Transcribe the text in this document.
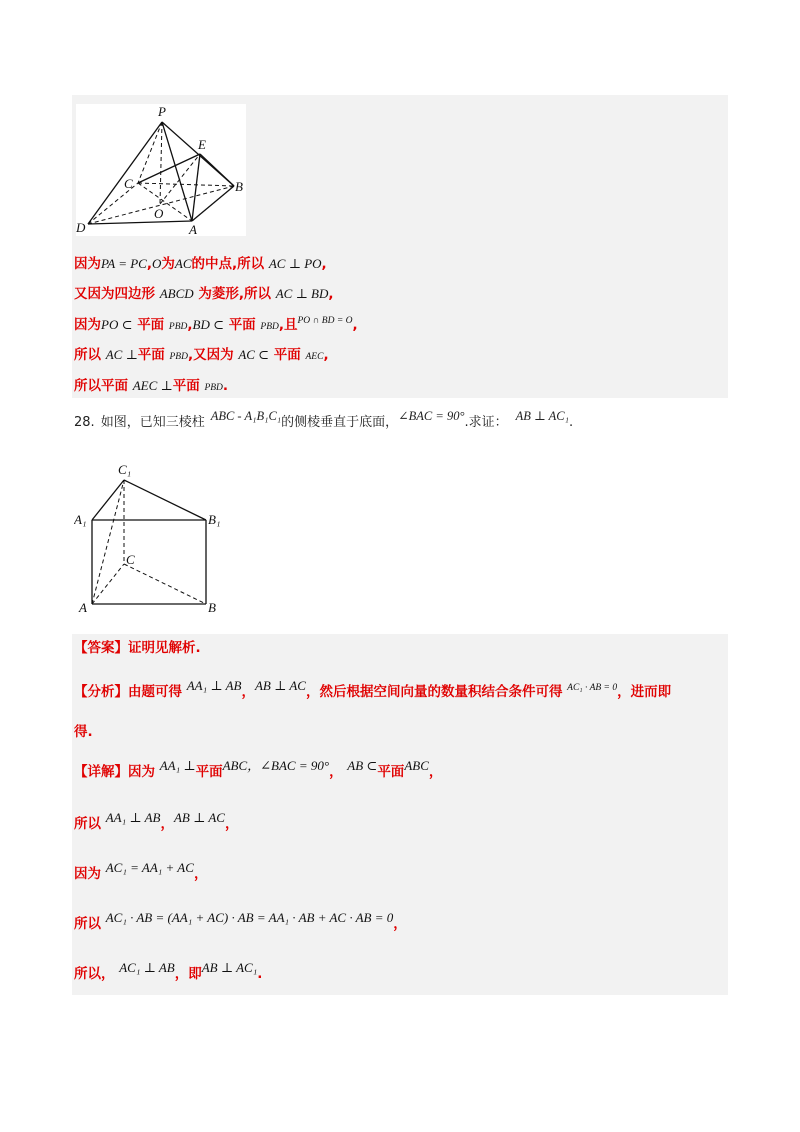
P
E
C	B
O
D	A
因为PA = PC,O为AC的中点,所以 AC ⊥ PO,
又因为四边形 ABCD 为菱形,所以 AC ⊥ BD,
因为PO ⊂ 平面 PBD,BD ⊂ 平面 PBD,且$^{PO \cap BD = O}$,
所以 AC ⊥平面 PBD,又因为 AC ⊂ 平面 AEC,
所以平面 AEC ⊥平面 PBD.
28. 如图，已知三棱柱 ABC - A₁B₁C₁的侧棱垂直于底面，∠BAC = 90°.求证： AB ⊥ AC₁.
C₁
A₁	B₁
C
A	B
【答案】证明见解析.
【分析】由题可得 AA₁ ⊥ AB，AB ⊥ AC，然后根据空间向量的数量积结合条件可得 $^{AC_1 \cdot AB = 0}$，进而即
得.
【详解】因为 AA₁ ⊥平面ABC，∠BAC = 90°， AB ⊂平面ABC，
所以 AA₁ ⊥ AB，AB ⊥ AC，
因为 AC₁ = AA₁ + AC，
所以 AC₁ · AB = (AA₁ + AC) · AB = AA₁ · AB + AC · AB = 0，
所以， AC₁ ⊥ AB，即AB ⊥ AC₁.
